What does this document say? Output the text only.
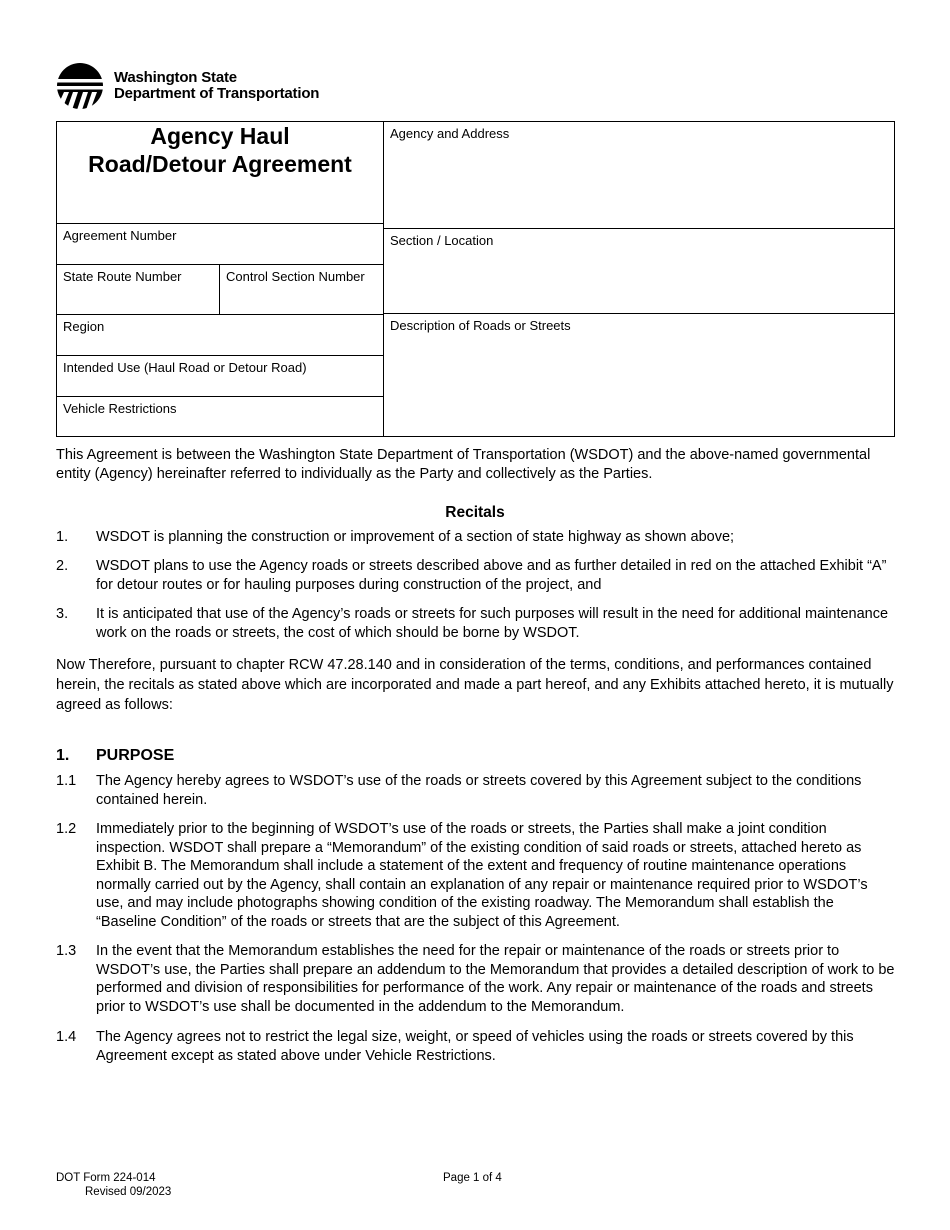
Washington State
Department of Transportation
Agency Haul
Road/Detour Agreement
Agreement Number
State Route Number	Control Section Number
Region
Intended Use (Haul Road or Detour Road)
Vehicle Restrictions
Agency and Address
Section / Location
Description of Roads or Streets
This Agreement is between the Washington State Department of Transportation (WSDOT) and the above-named governmental entity (Agency) hereinafter referred to individually as the Party and collectively as the Parties.
Recitals
1. WSDOT is planning the construction or improvement of a section of state highway as shown above;
2. WSDOT plans to use the Agency roads or streets described above and as further detailed in red on the attached Exhibit “A” for detour routes or for hauling purposes during construction of the project, and
3. It is anticipated that use of the Agency’s roads or streets for such purposes will result in the need for additional maintenance work on the roads or streets, the cost of which should be borne by WSDOT.
Now Therefore, pursuant to chapter RCW 47.28.140 and in consideration of the terms, conditions, and performances contained herein, the recitals as stated above which are incorporated and made a part hereof, and any Exhibits attached hereto, it is mutually agreed as follows:
1. PURPOSE
1.1 The Agency hereby agrees to WSDOT’s use of the roads or streets covered by this Agreement subject to the conditions contained herein.
1.2 Immediately prior to the beginning of WSDOT’s use of the roads or streets, the Parties shall make a joint condition inspection. WSDOT shall prepare a “Memorandum” of the existing condition of said roads or streets, attached hereto as Exhibit B. The Memorandum shall include a statement of the extent and frequency of routine maintenance operations normally carried out by the Agency, shall contain an explanation of any repair or maintenance required prior to WSDOT’s use, and may include photographs showing condition of the existing roadway. The Memorandum shall establish the “Baseline Condition” of the roads or streets that are the subject of this Agreement.
1.3 In the event that the Memorandum establishes the need for the repair or maintenance of the roads or streets prior to WSDOT’s use, the Parties shall prepare an addendum to the Memorandum that provides a detailed description of work to be performed and division of responsibilities for performance of the work. Any repair or maintenance of the roads and streets prior to WSDOT’s use shall be documented in the addendum to the Memorandum.
1.4 The Agency agrees not to restrict the legal size, weight, or speed of vehicles using the roads or streets covered by this Agreement except as stated above under Vehicle Restrictions.
DOT Form 224-014
Revised 09/2023
Page 1 of 4
